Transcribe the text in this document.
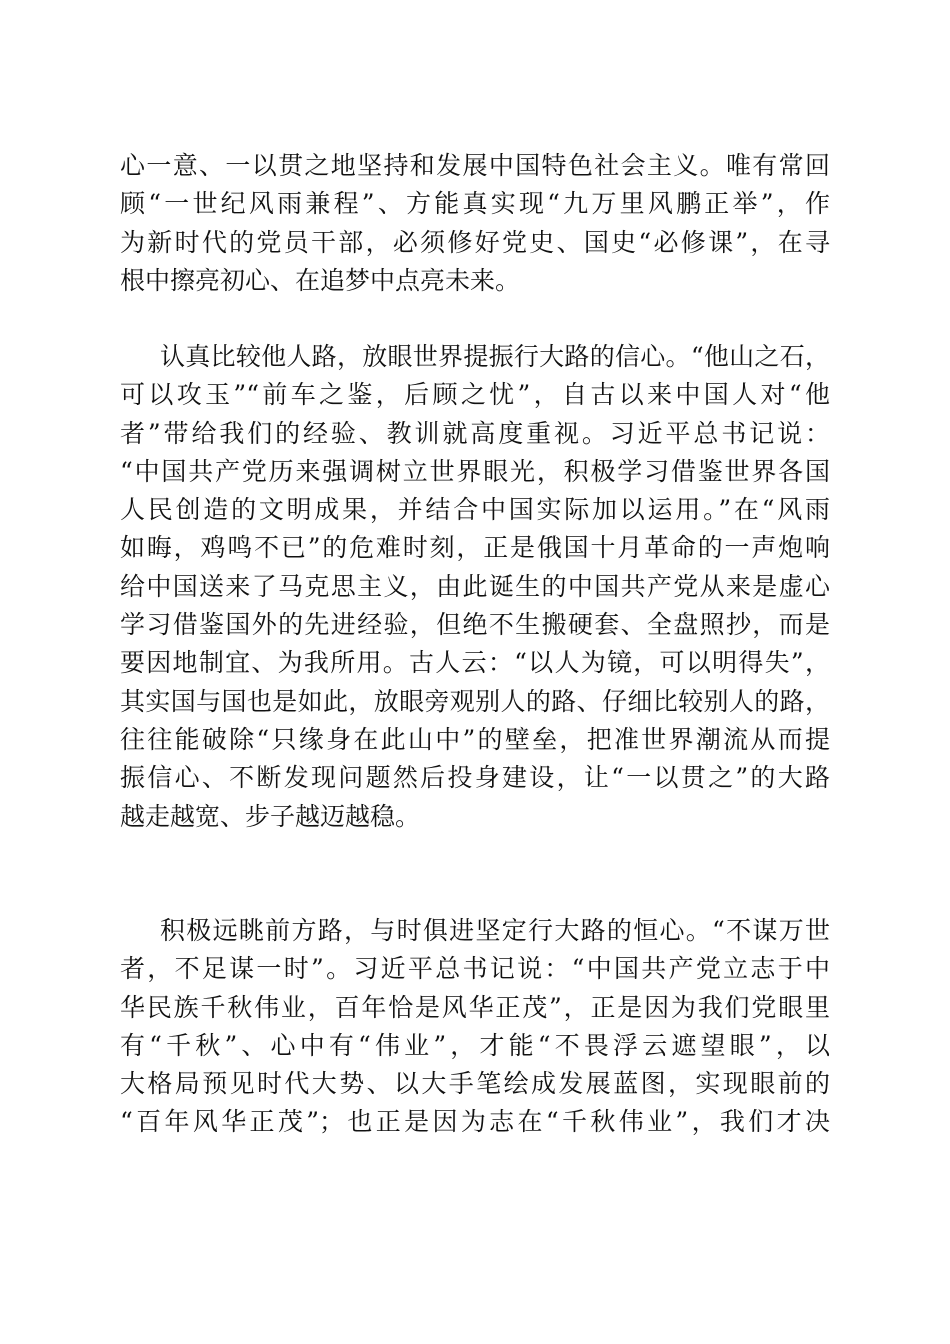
心一意、一以贯之地坚持和发展中国特色社会主义。唯有常回
顾“一世纪风雨兼程”、方能真实现“九万里风鹏正举”，作
为新时代的党员干部，必须修好党史、国史“必修课”，在寻
根中擦亮初心、在追梦中点亮未来。
认真比较他人路，放眼世界提振行大路的信心。“他山之石，
可以攻玉”“前车之鉴，后顾之忧”，自古以来中国人对“他
者”带给我们的经验、教训就高度重视。习近平总书记说：
“中国共产党历来强调树立世界眼光，积极学习借鉴世界各国
人民创造的文明成果，并结合中国实际加以运用。”在“风雨
如晦，鸡鸣不已”的危难时刻，正是俄国十月革命的一声炮响
给中国送来了马克思主义，由此诞生的中国共产党从来是虚心
学习借鉴国外的先进经验，但绝不生搬硬套、全盘照抄，而是
要因地制宜、为我所用。古人云：“以人为镜，可以明得失”，
其实国与国也是如此，放眼旁观别人的路、仔细比较别人的路，
往往能破除“只缘身在此山中”的壁垒，把准世界潮流从而提
振信心、不断发现问题然后投身建设，让“一以贯之”的大路
越走越宽、步子越迈越稳。
积极远眺前方路，与时俱进坚定行大路的恒心。“不谋万世
者，不足谋一时”。习近平总书记说：“中国共产党立志于中
华民族千秋伟业，百年恰是风华正茂”，正是因为我们党眼里
有“千秋”、心中有“伟业”，才能“不畏浮云遮望眼”，以
大格局预见时代大势、以大手笔绘成发展蓝图，实现眼前的
“百年风华正茂”；也正是因为志在“千秋伟业”，我们才决
